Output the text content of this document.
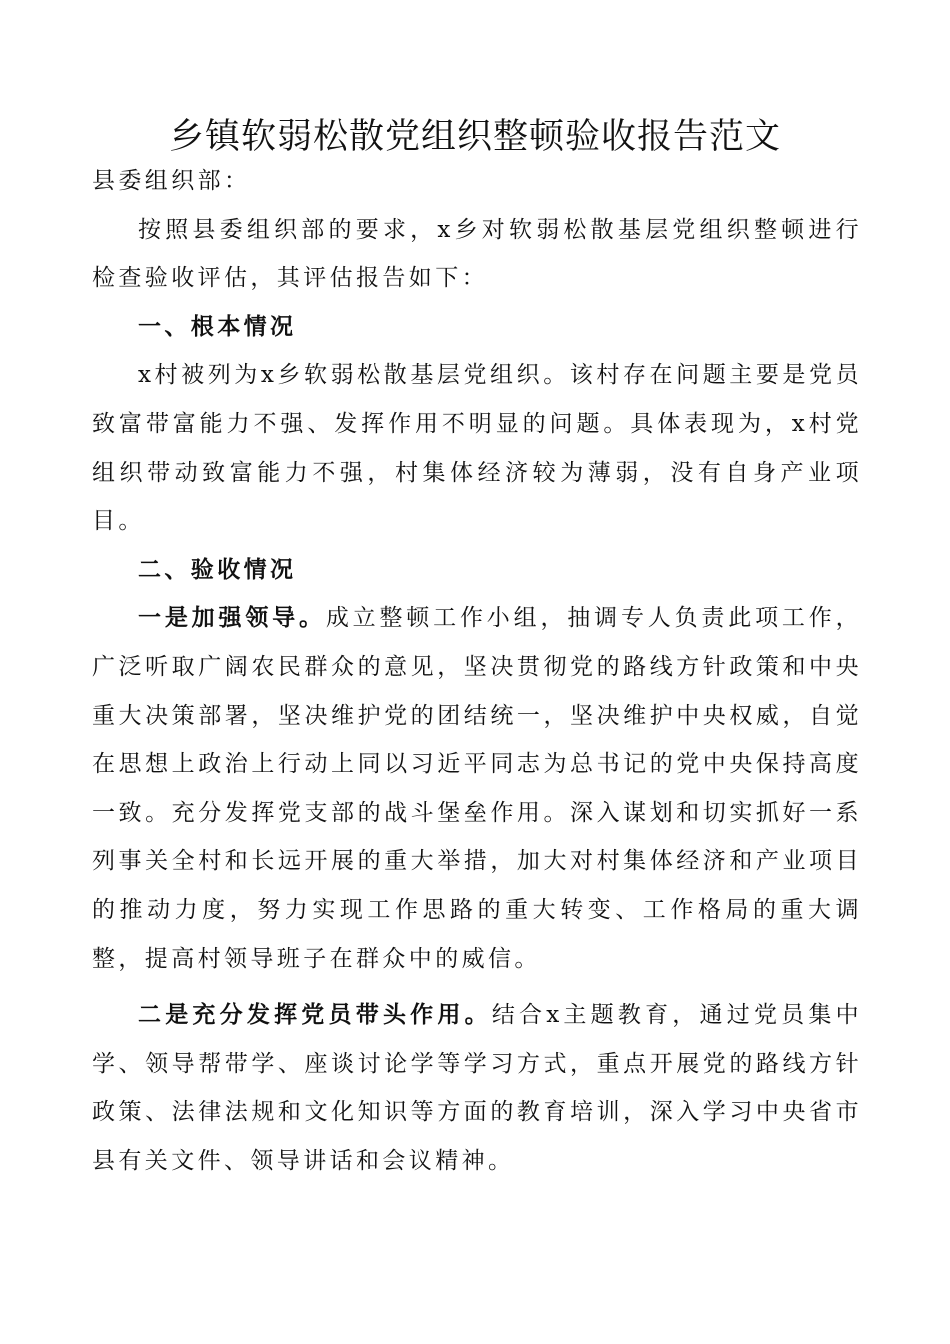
乡镇软弱松散党组织整顿验收报告范文

县委组织部：

按照县委组织部的要求，x乡对软弱松散基层党组织整顿进行检查验收评估，其评估报告如下：

一、根本情况

x村被列为x乡软弱松散基层党组织。该村存在问题主要是党员致富带富能力不强、发挥作用不明显的问题。具体表现为，x村党组织带动致富能力不强，村集体经济较为薄弱，没有自身产业项目。

二、验收情况

一是加强领导。成立整顿工作小组，抽调专人负责此项工作，广泛听取广阔农民群众的意见，坚决贯彻党的路线方针政策和中央重大决策部署，坚决维护党的团结统一，坚决维护中央权威，自觉在思想上政治上行动上同以习近平同志为总书记的党中央保持高度一致。充分发挥党支部的战斗堡垒作用。深入谋划和切实抓好一系列事关全村和长远开展的重大举措，加大对村集体经济和产业项目的推动力度，努力实现工作思路的重大转变、工作格局的重大调整，提高村领导班子在群众中的威信。

二是充分发挥党员带头作用。结合x主题教育，通过党员集中学、领导帮带学、座谈讨论学等学习方式，重点开展党的路线方针政策、法律法规和文化知识等方面的教育培训，深入学习中央省市县有关文件、领导讲话和会议精神。
